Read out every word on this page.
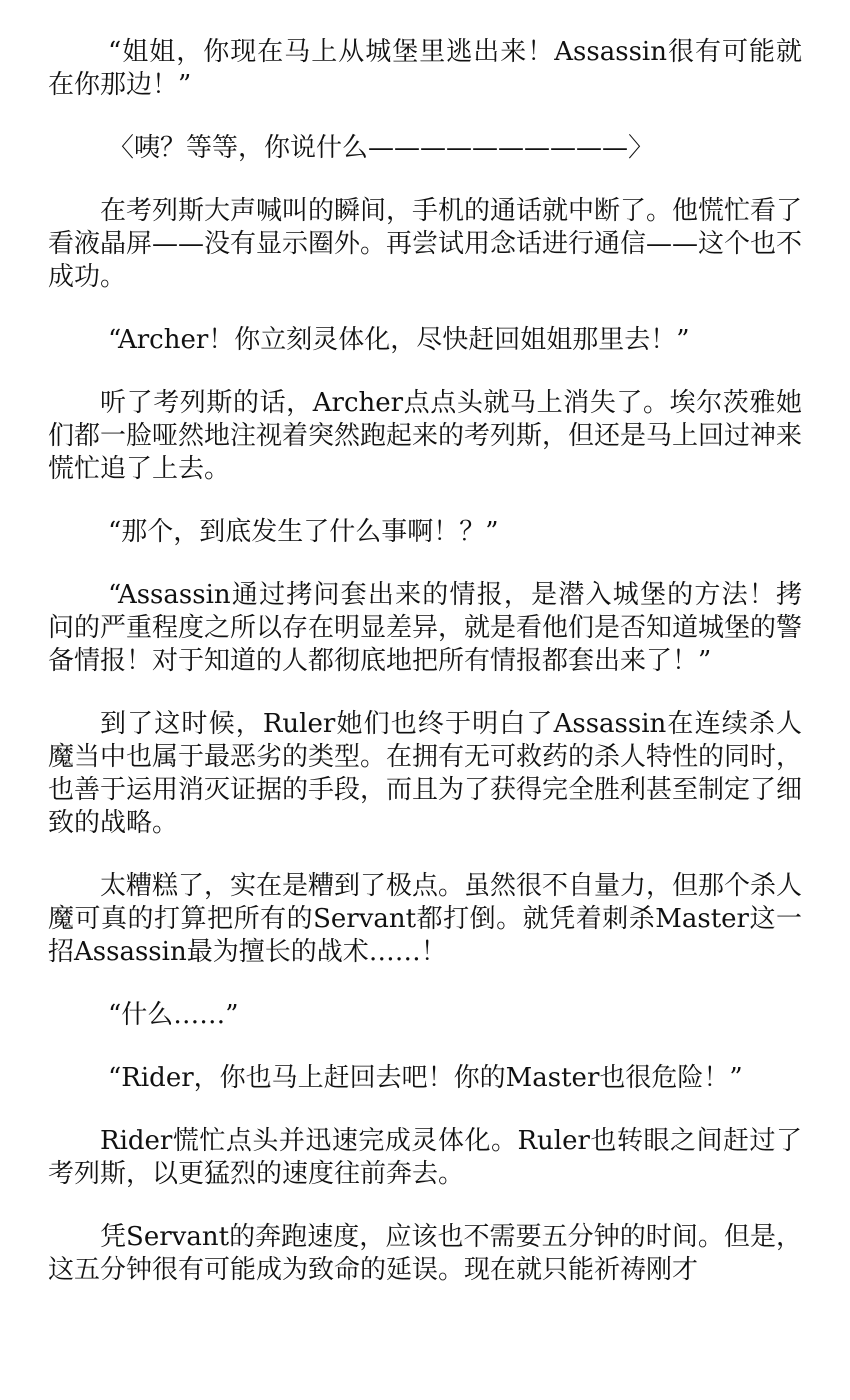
“姐姐，你现在马上从城堡里逃出来！Assassin很有可能就在你那边！”

〈咦？等等，你说什么——————————〉

在考列斯大声喊叫的瞬间，手机的通话就中断了。他慌忙看了看液晶屏——没有显示圈外。再尝试用念话进行通信——这个也不成功。

“Archer！你立刻灵体化，尽快赶回姐姐那里去！”

听了考列斯的话，Archer点点头就马上消失了。埃尔茨雅她们都一脸哑然地注视着突然跑起来的考列斯，但还是马上回过神来慌忙追了上去。

“那个，到底发生了什么事啊！？”

“Assassin通过拷问套出来的情报，是潜入城堡的方法！拷问的严重程度之所以存在明显差异，就是看他们是否知道城堡的警备情报！对于知道的人都彻底地把所有情报都套出来了！”

到了这时候，Ruler她们也终于明白了Assassin在连续杀人魔当中也属于最恶劣的类型。在拥有无可救药的杀人特性的同时，也善于运用消灭证据的手段，而且为了获得完全胜利甚至制定了细致的战略。

太糟糕了，实在是糟到了极点。虽然很不自量力，但那个杀人魔可真的打算把所有的Servant都打倒。就凭着刺杀Master这一招Assassin最为擅长的战术……！

“什么……”

“Rider，你也马上赶回去吧！你的Master也很危险！”

Rider慌忙点头并迅速完成灵体化。Ruler也转眼之间赶过了考列斯，以更猛烈的速度往前奔去。

凭Servant的奔跑速度，应该也不需要五分钟的时间。但是，这五分钟很有可能成为致命的延误。现在就只能祈祷刚才
